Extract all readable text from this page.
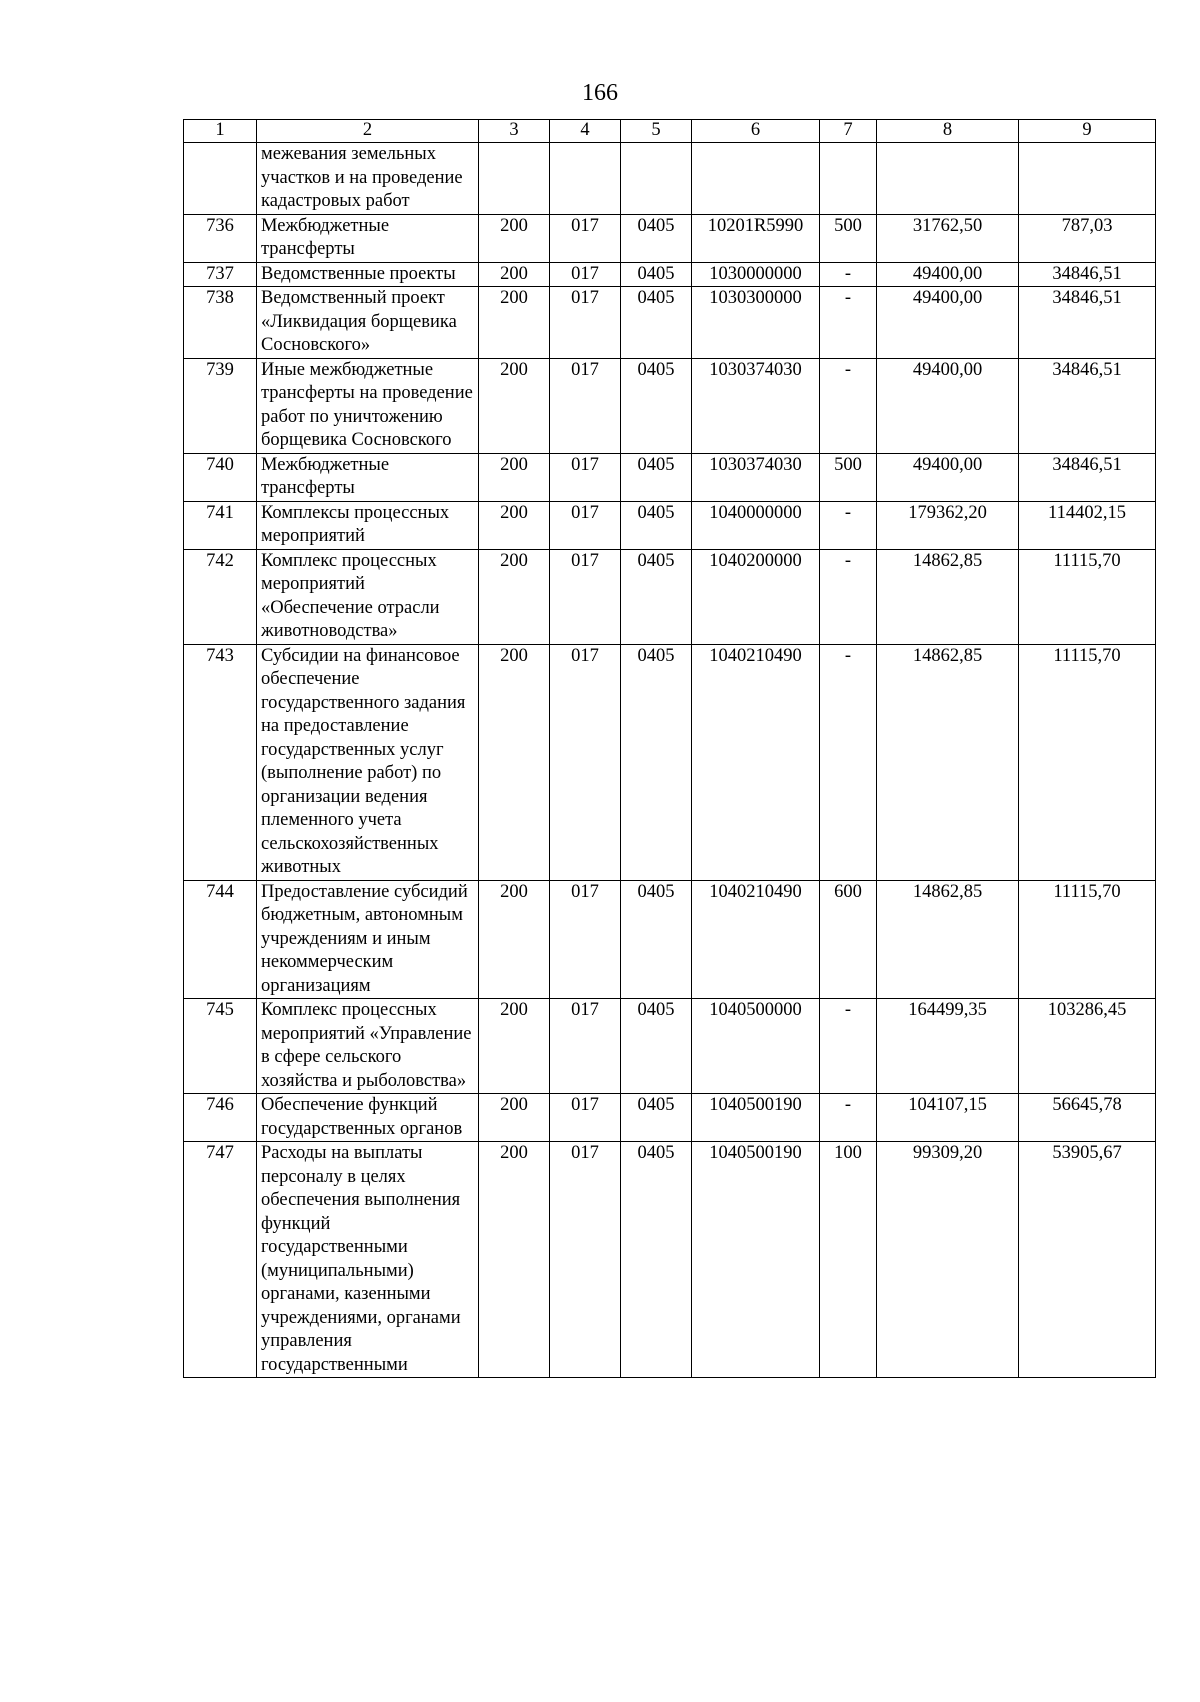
166
1	2	3	4	5	6	7	8	9
	межевания земельных участков и на проведение кадастровых работ							
736	Межбюджетные трансферты	200	017	0405	10201R5990	500	31762,50	787,03
737	Ведомственные проекты	200	017	0405	1030000000	-	49400,00	34846,51
738	Ведомственный проект «Ликвидация борщевика Сосновского»	200	017	0405	1030300000	-	49400,00	34846,51
739	Иные межбюджетные трансферты на проведение работ по уничтожению борщевика Сосновского	200	017	0405	1030374030	-	49400,00	34846,51
740	Межбюджетные трансферты	200	017	0405	1030374030	500	49400,00	34846,51
741	Комплексы процессных мероприятий	200	017	0405	1040000000	-	179362,20	114402,15
742	Комплекс процессных мероприятий «Обеспечение отрасли животноводства»	200	017	0405	1040200000	-	14862,85	11115,70
743	Субсидии на финансовое обеспечение государственного задания на предоставление государственных услуг (выполнение работ) по организации ведения племенного учета сельскохозяйственных животных	200	017	0405	1040210490	-	14862,85	11115,70
744	Предоставление субсидий бюджетным, автономным учреждениям и иным некоммерческим организациям	200	017	0405	1040210490	600	14862,85	11115,70
745	Комплекс процессных мероприятий «Управление в сфере сельского хозяйства и рыболовства»	200	017	0405	1040500000	-	164499,35	103286,45
746	Обеспечение функций государственных органов	200	017	0405	1040500190	-	104107,15	56645,78
747	Расходы на выплаты персоналу в целях обеспечения выполнения функций государственными (муниципальными) органами, казенными учреждениями, органами управления государственными	200	017	0405	1040500190	100	99309,20	53905,67
